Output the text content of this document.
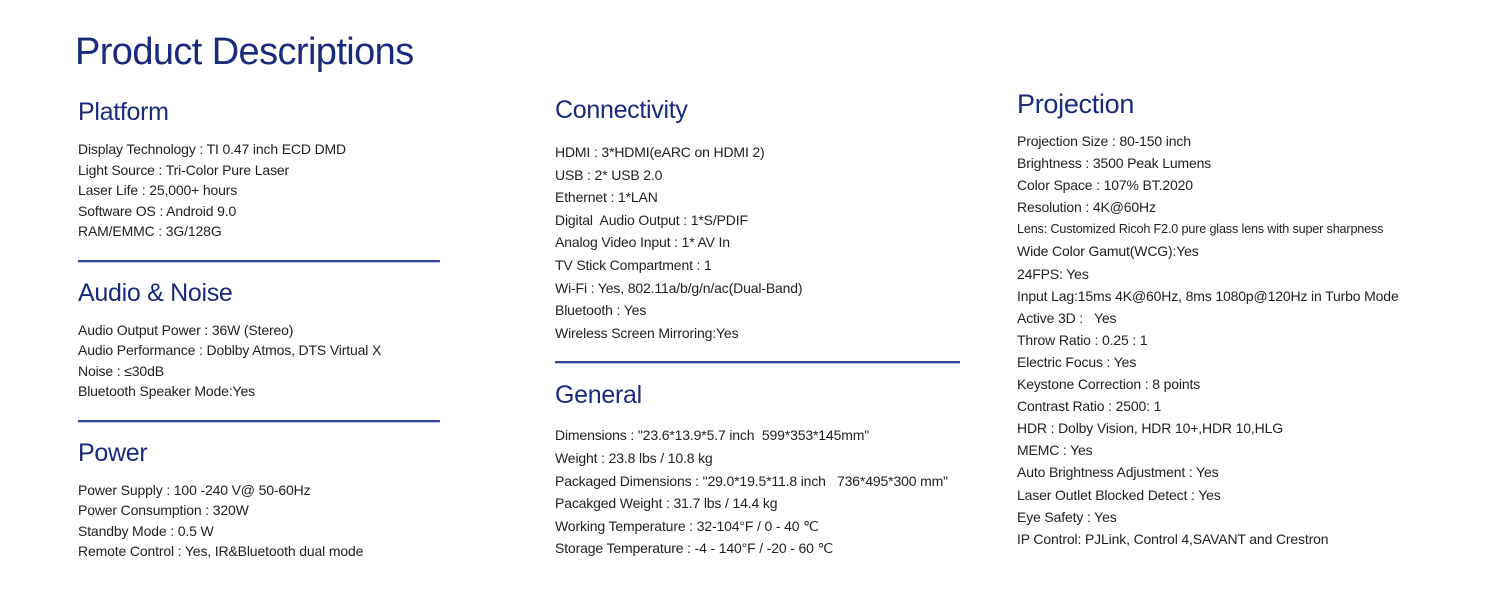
Product Descriptions
Platform
Display Technology : TI 0.47 inch ECD DMD
Light Source : Tri-Color Pure Laser
Laser Life : 25,000+ hours
Software OS : Android 9.0
RAM/EMMC : 3G/128G
Audio & Noise
Audio Output Power : 36W (Stereo)
Audio Performance : Doblby Atmos, DTS Virtual X
Noise : ≤30dB
Bluetooth Speaker Mode:Yes
Power
Power Supply : 100 -240 V@ 50-60Hz
Power Consumption : 320W
Standby Mode : 0.5 W
Remote Control : Yes, IR&Bluetooth dual mode
Connectivity
HDMI : 3*HDMI(eARC on HDMI 2)
USB : 2* USB 2.0
Ethernet : 1*LAN
Digital  Audio Output : 1*S/PDIF
Analog Video Input : 1* AV In
TV Stick Compartment : 1
Wi-Fi : Yes, 802.11a/b/g/n/ac(Dual-Band)
Bluetooth : Yes
Wireless Screen Mirroring:Yes
General
Dimensions : "23.6*13.9*5.7 inch  599*353*145mm"
Weight : 23.8 lbs / 10.8 kg
Packaged Dimensions : "29.0*19.5*11.8 inch   736*495*300 mm"
Pacakged Weight : 31.7 lbs / 14.4 kg
Working Temperature : 32-104°F / 0 - 40 ℃
Storage Temperature : -4 - 140°F / -20 - 60 ℃
Projection
Projection Size : 80-150 inch
Brightness : 3500 Peak Lumens
Color Space : 107% BT.2020
Resolution : 4K@60Hz
Lens: Customized Ricoh F2.0 pure glass lens with super sharpness
Wide Color Gamut(WCG):Yes
24FPS: Yes
Input Lag:15ms 4K@60Hz, 8ms 1080p@120Hz in Turbo Mode
Active 3D :   Yes
Throw Ratio : 0.25 : 1
Electric Focus : Yes
Keystone Correction : 8 points
Contrast Ratio : 2500: 1
HDR : Dolby Vision, HDR 10+,HDR 10,HLG
MEMC : Yes
Auto Brightness Adjustment : Yes
Laser Outlet Blocked Detect : Yes
Eye Safety : Yes
IP Control: PJLink, Control 4,SAVANT and Crestron
